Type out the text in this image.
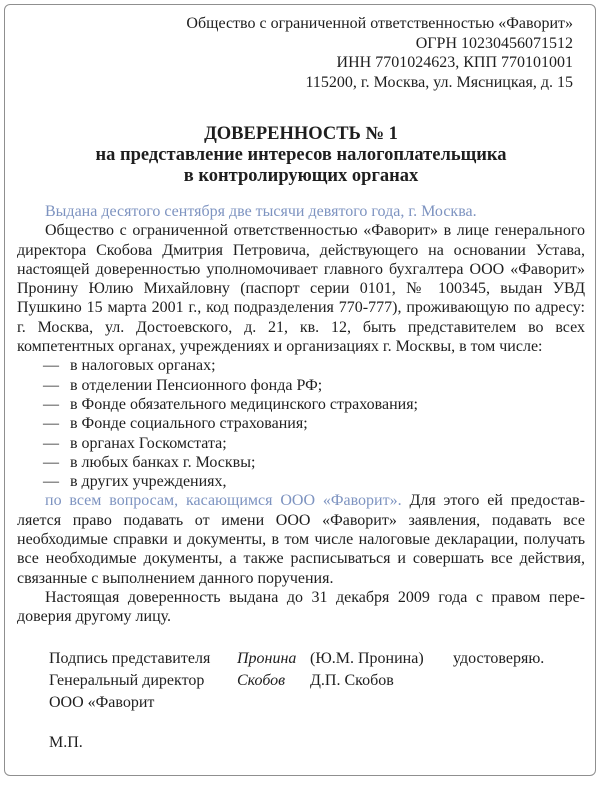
Общество с ограниченной ответственностью «Фаворит»
ОГРН 10230456071512
ИНН 7701024623, КПП 770101001
115200, г. Москва, ул. Мясницкая, д. 15
ДОВЕРЕННОСТЬ № 1
на представление интересов налогоплательщика
в контролирующих органах

Выдана десятого сентября две тысячи девятого года, г. Москва.

Общество с ограниченной ответственностью «Фаворит» в лице генерального директора Скобова Дмитрия Петровича, действующего на основании Устава, настоящей доверенностью уполномочивает главного бухгалтера ООО «Фаворит» Пронину Юлию Михайловну (паспорт серии 0101, № 100345, выдан УВД Пушкино 15 марта 2001 г., код подразделения 770-777), проживающую по адресу: г. Москва, ул. Достоевского, д. 21, кв. 12, быть представителем во всех компетентных органах, учреждениях и организациях г. Москвы, в том числе:

— в налоговых органах;
— в отделении Пенсионного фонда РФ;
— в Фонде обязательного медицинского страхования;
— в Фонде социального страхования;
— в органах Госкомстата;
— в любых банках г. Москвы;
— в других учреждениях,

по всем вопросам, касающимся ООО «Фаворит». Для этого ей предоставляется право подавать от имени ООО «Фаворит» заявления, подавать все необходимые справки и документы, в том числе налоговые декларации, получать все необходимые документы, а также расписываться и совершать все действия, связанные с выполнением данного поручения.

Настоящая доверенность выдана до 31 декабря 2009 года с правом передоверия другому лицу.

Подпись представителя	Пронина (Ю.М. Пронина)	удостоверяю.
Генеральный директор	Скобов	Д.П. Скобов
ООО «Фаворит
М.П.
